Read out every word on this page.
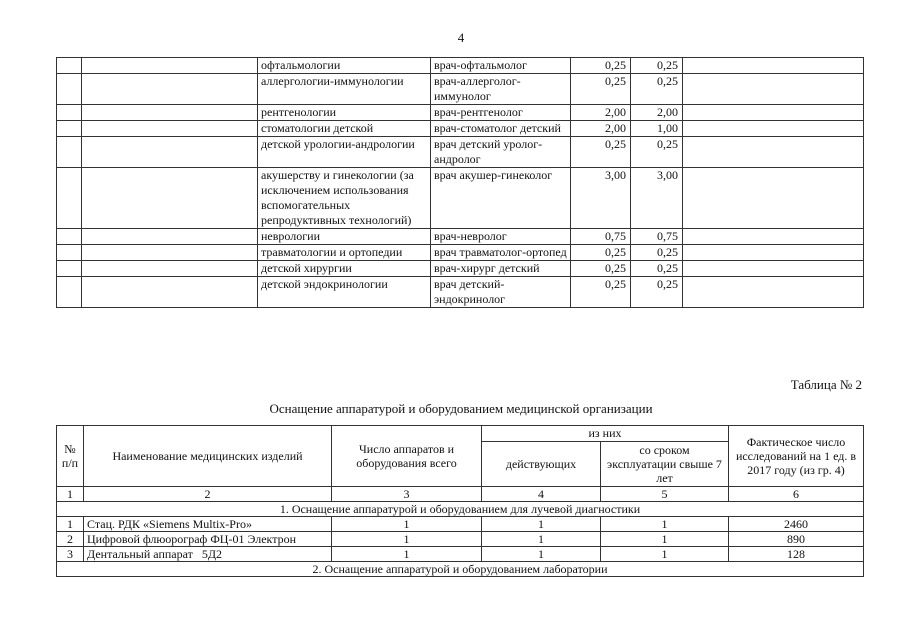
4
		офтальмологии	врач-офтальмолог	0,25	0,25	
		аллергологии-иммунологии	врач-аллерголог-иммунолог	0,25	0,25	
		рентгенологии	врач-рентгенолог	2,00	2,00	
		стоматологии детской	врач-стоматолог детский	2,00	1,00	
		детской урологии-андрологии	врач детский уролог-андролог	0,25	0,25	
		акушерству и гинекологии (за исключением использования вспомогательных репродуктивных технологий)	врач акушер-гинеколог	3,00	3,00	
		неврологии	врач-невролог	0,75	0,75	
		травматологии и ортопедии	врач травматолог-ортопед	0,25	0,25	
		детской хирургии	врач-хирург детский	0,25	0,25	
		детской эндокринологии	врач детский-эндокринолог	0,25	0,25	
Таблица № 2
Оснащение аппаратурой и оборудованием медицинской организации
№ п/п	Наименование медицинских изделий	Число аппаратов и оборудования всего	из них		Фактическое число исследований на 1 ед. в 2017 году (из гр. 4)
			действующих	со сроком эксплуатации свыше 7 лет	
1	2	3	4	5	6
1. Оснащение аппаратурой и оборудованием для лучевой диагностики					
1	Стац. РДК «Siemens Multix-Pro»	1	1	1	2460
2	Цифровой флюорограф ФЦ-01 Электрон	1	1	1	890
3	Дентальный аппарат   5Д2	1	1	1	128
2. Оснащение аппаратурой и оборудованием лаборатории					
